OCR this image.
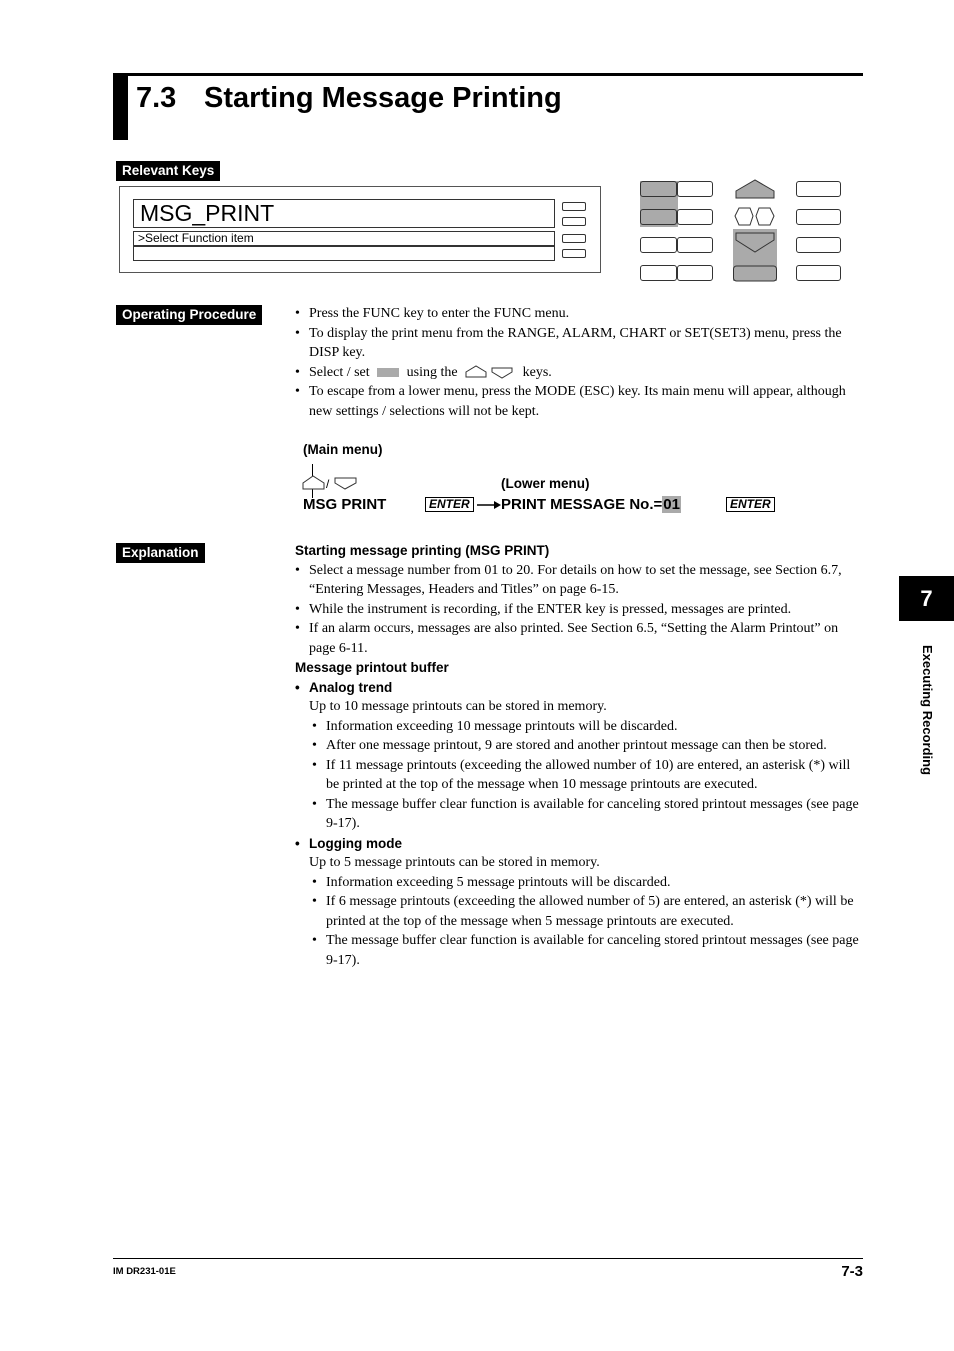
7.3 Starting Message Printing
Relevant Keys
MSG_PRINT
>Select Function item
Operating Procedure
•	Press the FUNC key to enter the FUNC menu.
• To display the print menu from the RANGE, ALARM, CHART or SET(SET3) menu, press the DISP key.
• Select / set	using the	keys.
• To escape from a lower menu, press the MODE (ESC) key. Its main menu will appear, although new settings / selections will not be kept.
(Main menu)
/	(Lower menu)
MSG PRINT	ENTER PRINT MESSAGE No.=01	ENTER
Explanation	Starting message printing (MSG PRINT)
• Select a message number from 01 to 20. For details on how to set the message, see Section 6.7, “Entering Messages, Headers and Titles” on page 6-15.
• While the instrument is recording, if the ENTER key is pressed, messages are printed.
• If an alarm occurs, messages are also printed. See Section 6.5, “Setting the Alarm Printout” on page 6-11.
Message printout buffer
• Analog trend
Up to 10 message printouts can be stored in memory.
• Information exceeding 10 message printouts will be discarded.
• After one message printout, 9 are stored and another printout message can then be stored.
• If 11 message printouts (exceeding the allowed number of 10) are entered, an asterisk (*) will be printed at the top of the message when 10 message printouts are executed.
• The message buffer clear function is available for canceling stored printout messages (see page 9-17).
• Logging mode
Up to 5 message printouts can be stored in memory.
• Information exceeding 5 message printouts will be discarded.
• If 6 message printouts (exceeding the allowed number of 5) are entered, an asterisk (*) will be printed at the top of the message when 5 message printouts are executed.
• The message buffer clear function is available for canceling stored printout messages (see page 9-17).
7
Executing Recording
IM DR231-01E	7-3
